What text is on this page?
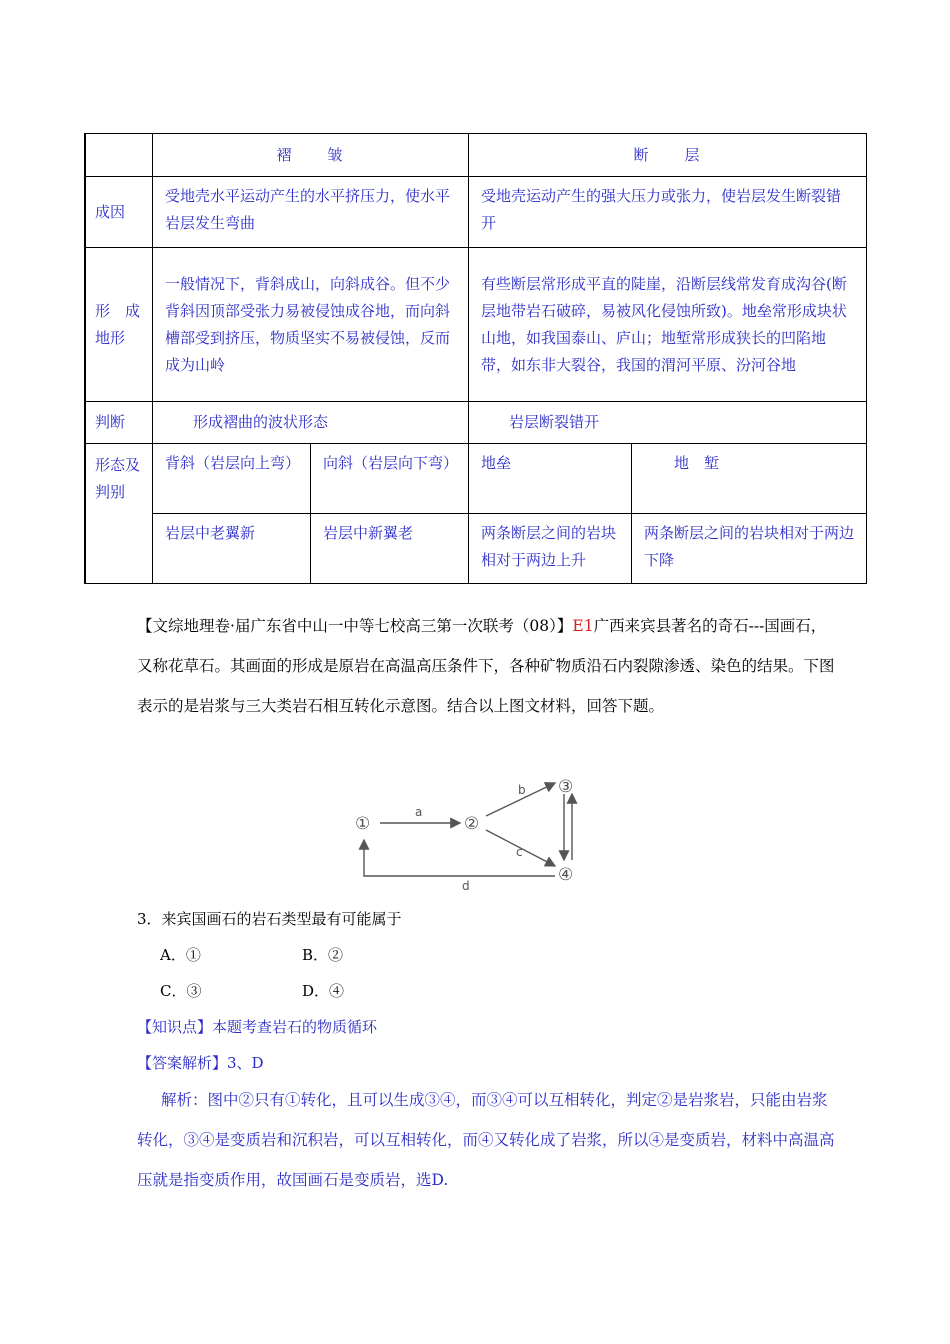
	褶　　皱		断　　层	
成因	受地壳水平运动产生的水平挤压力，使水平岩层发生弯曲		受地壳运动产生的强大压力或张力，使岩层发生断裂错开	
形　成地形	一般情况下，背斜成山，向斜成谷。但不少背斜因顶部受张力易被侵蚀成谷地，而向斜槽部受到挤压，物质坚实不易被侵蚀，反而成为山岭		有些断层常形成平直的陡崖，沿断层线常发育成沟谷(断层地带岩石破碎，易被风化侵蚀所致)。地垒常形成块状山地，如我国泰山、庐山；地堑常形成狭长的凹陷地带，如东非大裂谷，我国的渭河平原、汾河谷地	
判断	形成褶曲的波状形态		岩层断裂错开	
形态及判别	背斜（岩层向上弯）	向斜（岩层向下弯）	地垒	地　堑
	岩层中老翼新	岩层中新翼老	两条断层之间的岩块相对于两边上升	两条断层之间的岩块相对于两边下降
【文综地理卷·届广东省中山一中等七校高三第一次联考（08）】E1广西来宾县著名的奇石---国画石，又称花草石。其画面的形成是原岩在高温高压条件下，各种矿物质沿石内裂隙渗透、染色的结果。下图表示的是岩浆与三大类岩石相互转化示意图。结合以上图文材料，回答下题。
①	②
③
④
a
b
c
d
3．来宾国画石的岩石类型最有可能属于
A．①	B．②
C．③	D．④
【知识点】本题考查岩石的物质循环
【答案解析】3、D
解析：图中②只有①转化，且可以生成③④，而③④可以互相转化，判定②是岩浆岩，只能由岩浆转化，③④是变质岩和沉积岩，可以互相转化，而④又转化成了岩浆，所以④是变质岩，材料中高温高压就是指变质作用，故国画石是变质岩，选D.
